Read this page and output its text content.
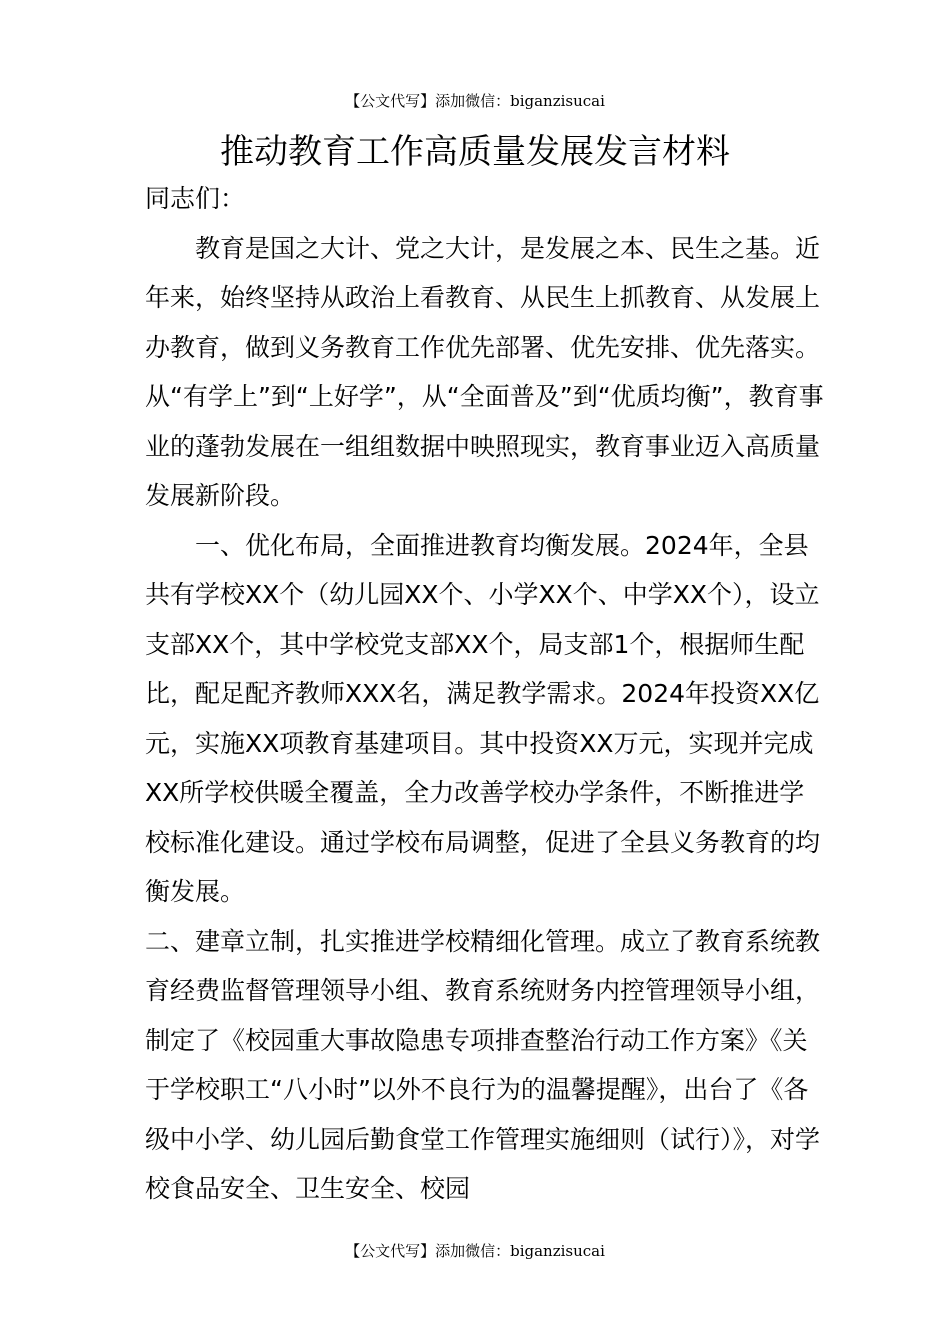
【公文代写】添加微信：biganzisucai
推动教育工作高质量发展发言材料

同志们：

教育是国之大计、党之大计，是发展之本、民生之基。近年来，始终坚持从政治上看教育、从民生上抓教育、从发展上办教育，做到义务教育工作优先部署、优先安排、优先落实。从“有学上”到“上好学”，从“全面普及”到“优质均衡”，教育事业的蓬勃发展在一组组数据中映照现实，教育事业迈入高质量发展新阶段。

一、优化布局，全面推进教育均衡发展。2024年，全县共有学校XX个（幼儿园XX个、小学XX个、中学XX个），设立支部XX个，其中学校党支部XX个，局支部1个，根据师生配比，配足配齐教师XXX名，满足教学需求。2024年投资XX亿元，实施XX项教育基建项目。其中投资XX万元，实现并完成XX所学校供暖全覆盖，全力改善学校办学条件，不断推进学校标准化建设。通过学校布局调整，促进了全县义务教育的均衡发展。

二、建章立制，扎实推进学校精细化管理。成立了教育系统教育经费监督管理领导小组、教育系统财务内控管理领导小组，制定了《校园重大事故隐患专项排查整治行动工作方案》《关于学校职工“八小时”以外不良行为的温馨提醒》，出台了《各级中小学、幼儿园后勤食堂工作管理实施细则（试行）》，对学校食品安全、卫生安全、校园

【公文代写】添加微信：biganzisucai
